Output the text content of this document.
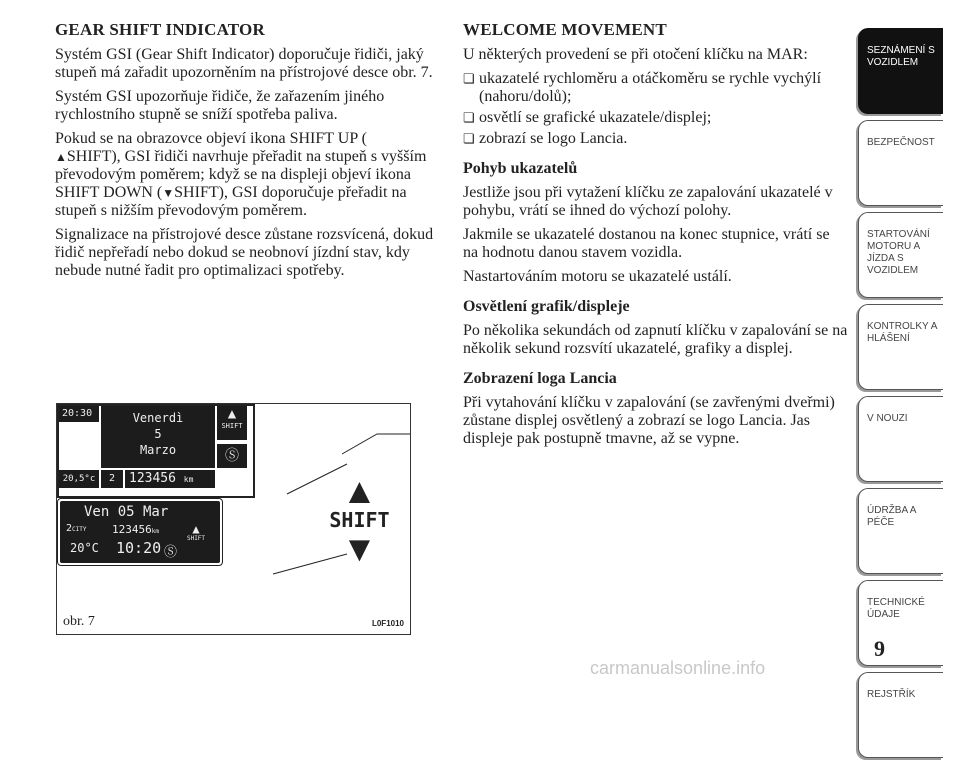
GEAR SHIFT INDICATOR

Systém GSI (Gear Shift Indicator) doporučuje řidiči, jaký stupeň má zařadit upozorněním na přístrojové desce obr. 7.

Systém GSI upozorňuje řidiče, že zařazením jiného rychlostního stupně se sníží spotřeba paliva.

Pokud se na obrazovce objeví ikona SHIFT UP (
▲SHIFT), GSI řidiči navrhuje přeřadit na stupeň s vyšším převodovým poměrem; když se na displeji objeví ikona SHIFT DOWN (▼SHIFT), GSI doporučuje přeřadit na stupeň s nižším převodovým poměrem.

Signalizace na přístrojové desce zůstane rozsvícená, dokud řidič nepřeřadí nebo dokud se neobnoví jízdní stav, kdy nebude nutné řadit pro optimalizaci spotřeby.

20:30	Venerdì
5
Marzo
▲
SHIFT
Ⓢ
20,5°c	2	123456 km
Ven 05 Mar
2CITY 123456km
20°C 10:20 Ⓢ
▲
SHIFT
▲
SHIFT
▼
obr. 7	L0F1010
WELCOME MOVEMENT

U některých provedení se při otočení klíčku na MAR:

❏ ukazatelé rychloměru a otáčkoměru se rychle vychýlí (nahoru/dolů);
❏ osvětlí se grafické ukazatele/displej;
❏ zobrazí se logo Lancia.
Pohyb ukazatelů

Jestliže jsou při vytažení klíčku ze zapalování ukazatelé v pohybu, vrátí se ihned do výchozí polohy.

Jakmile se ukazatelé dostanou na konec stupnice, vrátí se na hodnotu danou stavem vozidla.

Nastartováním motoru se ukazatelé ustálí.

Osvětlení grafik/displeje

Po několika sekundách od zapnutí klíčku v zapalování se na několik sekund rozsvítí ukazatelé, grafiky a displej.

Zobrazení loga Lancia

Při vytahování klíčku v zapalování (se zavřenými dveřmi) zůstane displej osvětlený a zobrazí se logo Lancia. Jas displeje pak postupně tmavne, až se vypne.

SEZNÁMENÍ S VOZIDLEM
BEZPEČNOST
STARTOVÁNÍ MOTORU A JÍZDA S VOZIDLEM
KONTROLKY A HLÁŠENÍ
V NOUZI
ÚDRŽBA A PÉČE
TECHNICKÉ ÚDAJE
REJSTŘÍK
9
carmanualsonline.info
